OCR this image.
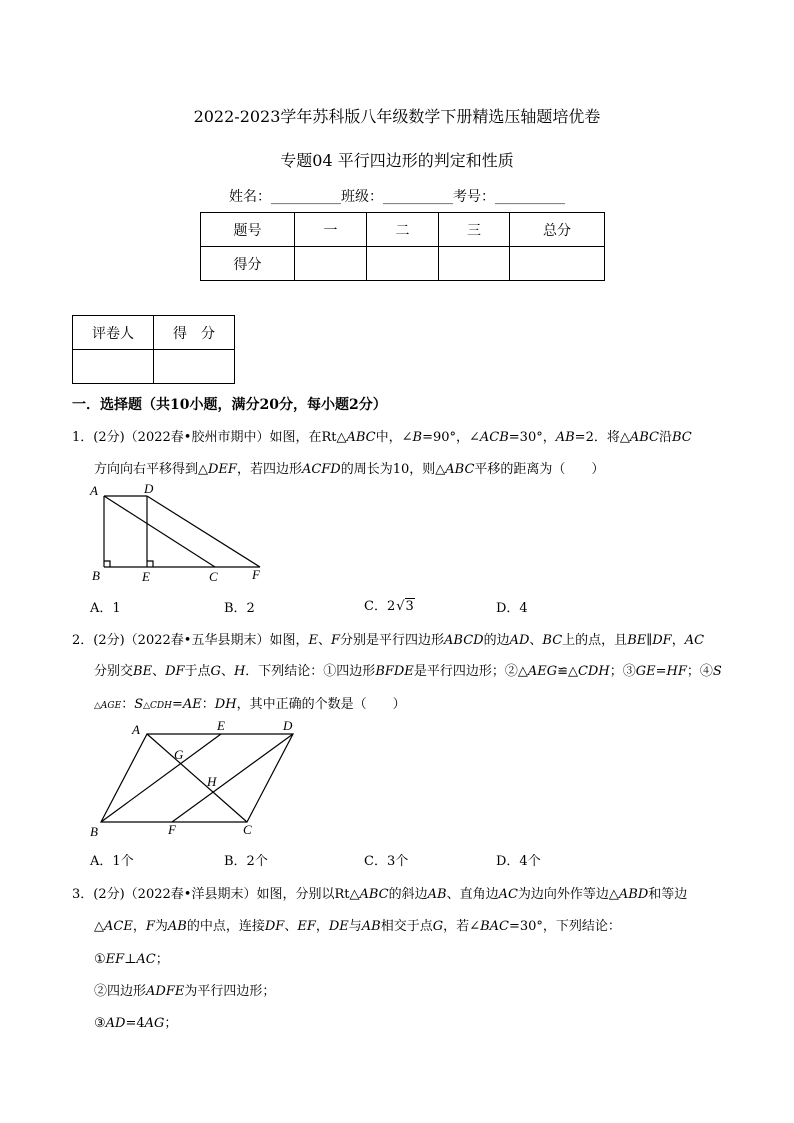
2022-2023学年苏科版八年级数学下册精选压轴题培优卷
专题04 平行四边形的判定和性质
姓名：__________班级：__________考号：__________
题号	一	二	三	总分
得分				
评卷人	得　分

一．选择题（共10小题，满分20分，每小题2分）
1．(2分)（2022春•胶州市期中）如图，在Rt△ABC中，∠B=90°，∠ACB=30°，AB=2．将△ABC沿BC
方向向右平移得到△DEF，若四边形ACFD的周长为10，则△ABC平移的距离为（　　）
A	D
B	E	C	F
A．1	B．2	C．2√3	D．4
2．(2分)（2022春•五华县期末）如图，E、F分别是平行四边形ABCD的边AD、BC上的点，且BE∥DF，AC
分别交BE、DF于点G、H．下列结论：①四边形BFDE是平行四边形；②△AEG≌△CDH；③GE=HF；④S
△AGE：S△CDH=AE：DH，其中正确的个数是（　　）
A	E	D
G
H
B	F	C
A．1个	B．2个	C．3个	D．4个
3．(2分)（2022春•洋县期末）如图，分别以Rt△ABC的斜边AB、直角边AC为边向外作等边△ABD和等边
△ACE，F为AB的中点，连接DF、EF，DE与AB相交于点G，若∠BAC=30°，下列结论：
①EF⊥AC；
②四边形ADFE为平行四边形；
③AD=4AG；
